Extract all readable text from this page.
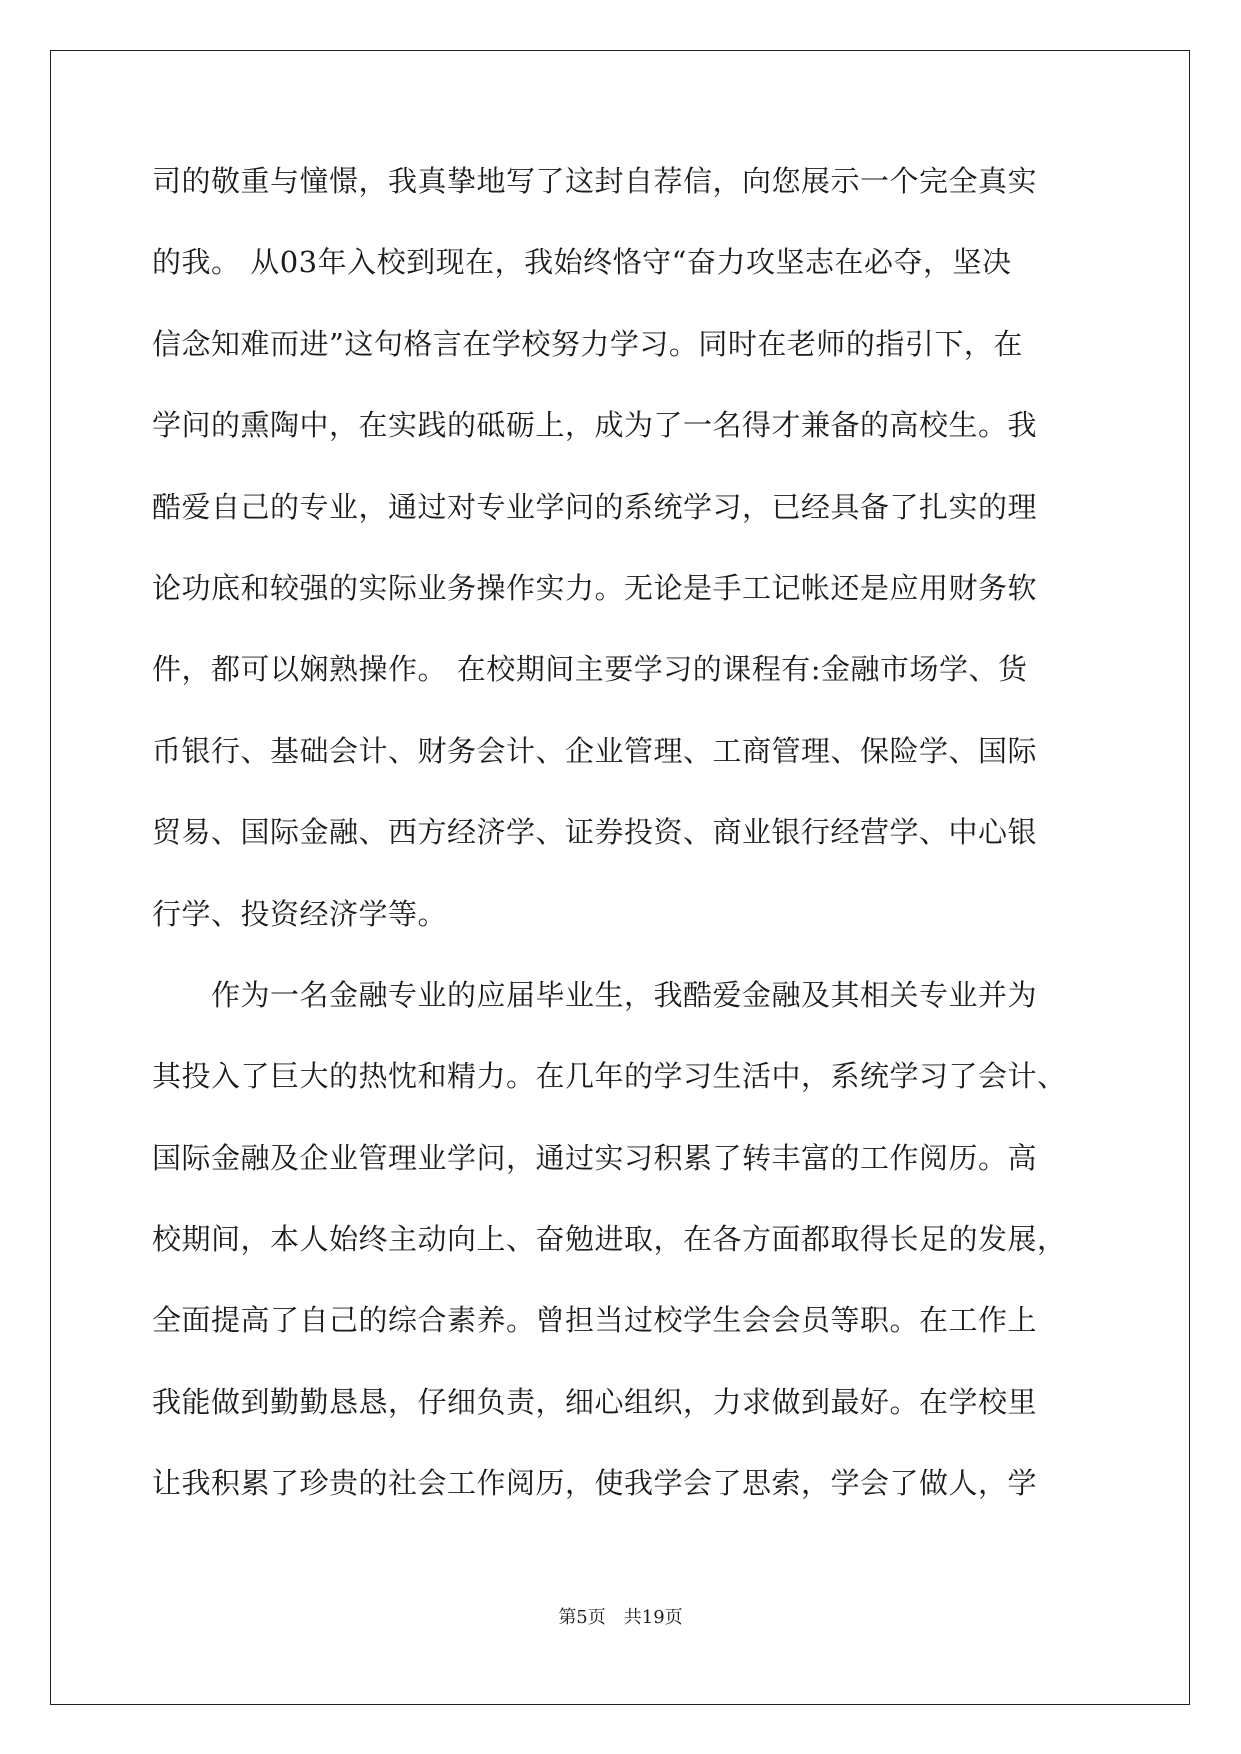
司的敬重与憧憬，我真挚地写了这封自荐信，向您展示一个完全真实
的我。 从03年入校到现在，我始终恪守“奋力攻坚志在必夺，坚决
信念知难而进”这句格言在学校努力学习。同时在老师的指引下，在
学问的熏陶中，在实践的砥砺上，成为了一名得才兼备的高校生。我
酷爱自己的专业，通过对专业学问的系统学习，已经具备了扎实的理
论功底和较强的实际业务操作实力。无论是手工记帐还是应用财务软
件，都可以娴熟操作。 在校期间主要学习的课程有:金融市场学、货
币银行、基础会计、财务会计、企业管理、工商管理、保险学、国际
贸易、国际金融、西方经济学、证券投资、商业银行经营学、中心银
行学、投资经济学等。
　　作为一名金融专业的应届毕业生，我酷爱金融及其相关专业并为
其投入了巨大的热忱和精力。在几年的学习生活中，系统学习了会计、
国际金融及企业管理业学问，通过实习积累了转丰富的工作阅历。高
校期间，本人始终主动向上、奋勉进取，在各方面都取得长足的发展，
全面提高了自己的综合素养。曾担当过校学生会会员等职。在工作上
我能做到勤勤恳恳，仔细负责，细心组织，力求做到最好。在学校里
让我积累了珍贵的社会工作阅历，使我学会了思索，学会了做人，学
第5页 共19页
